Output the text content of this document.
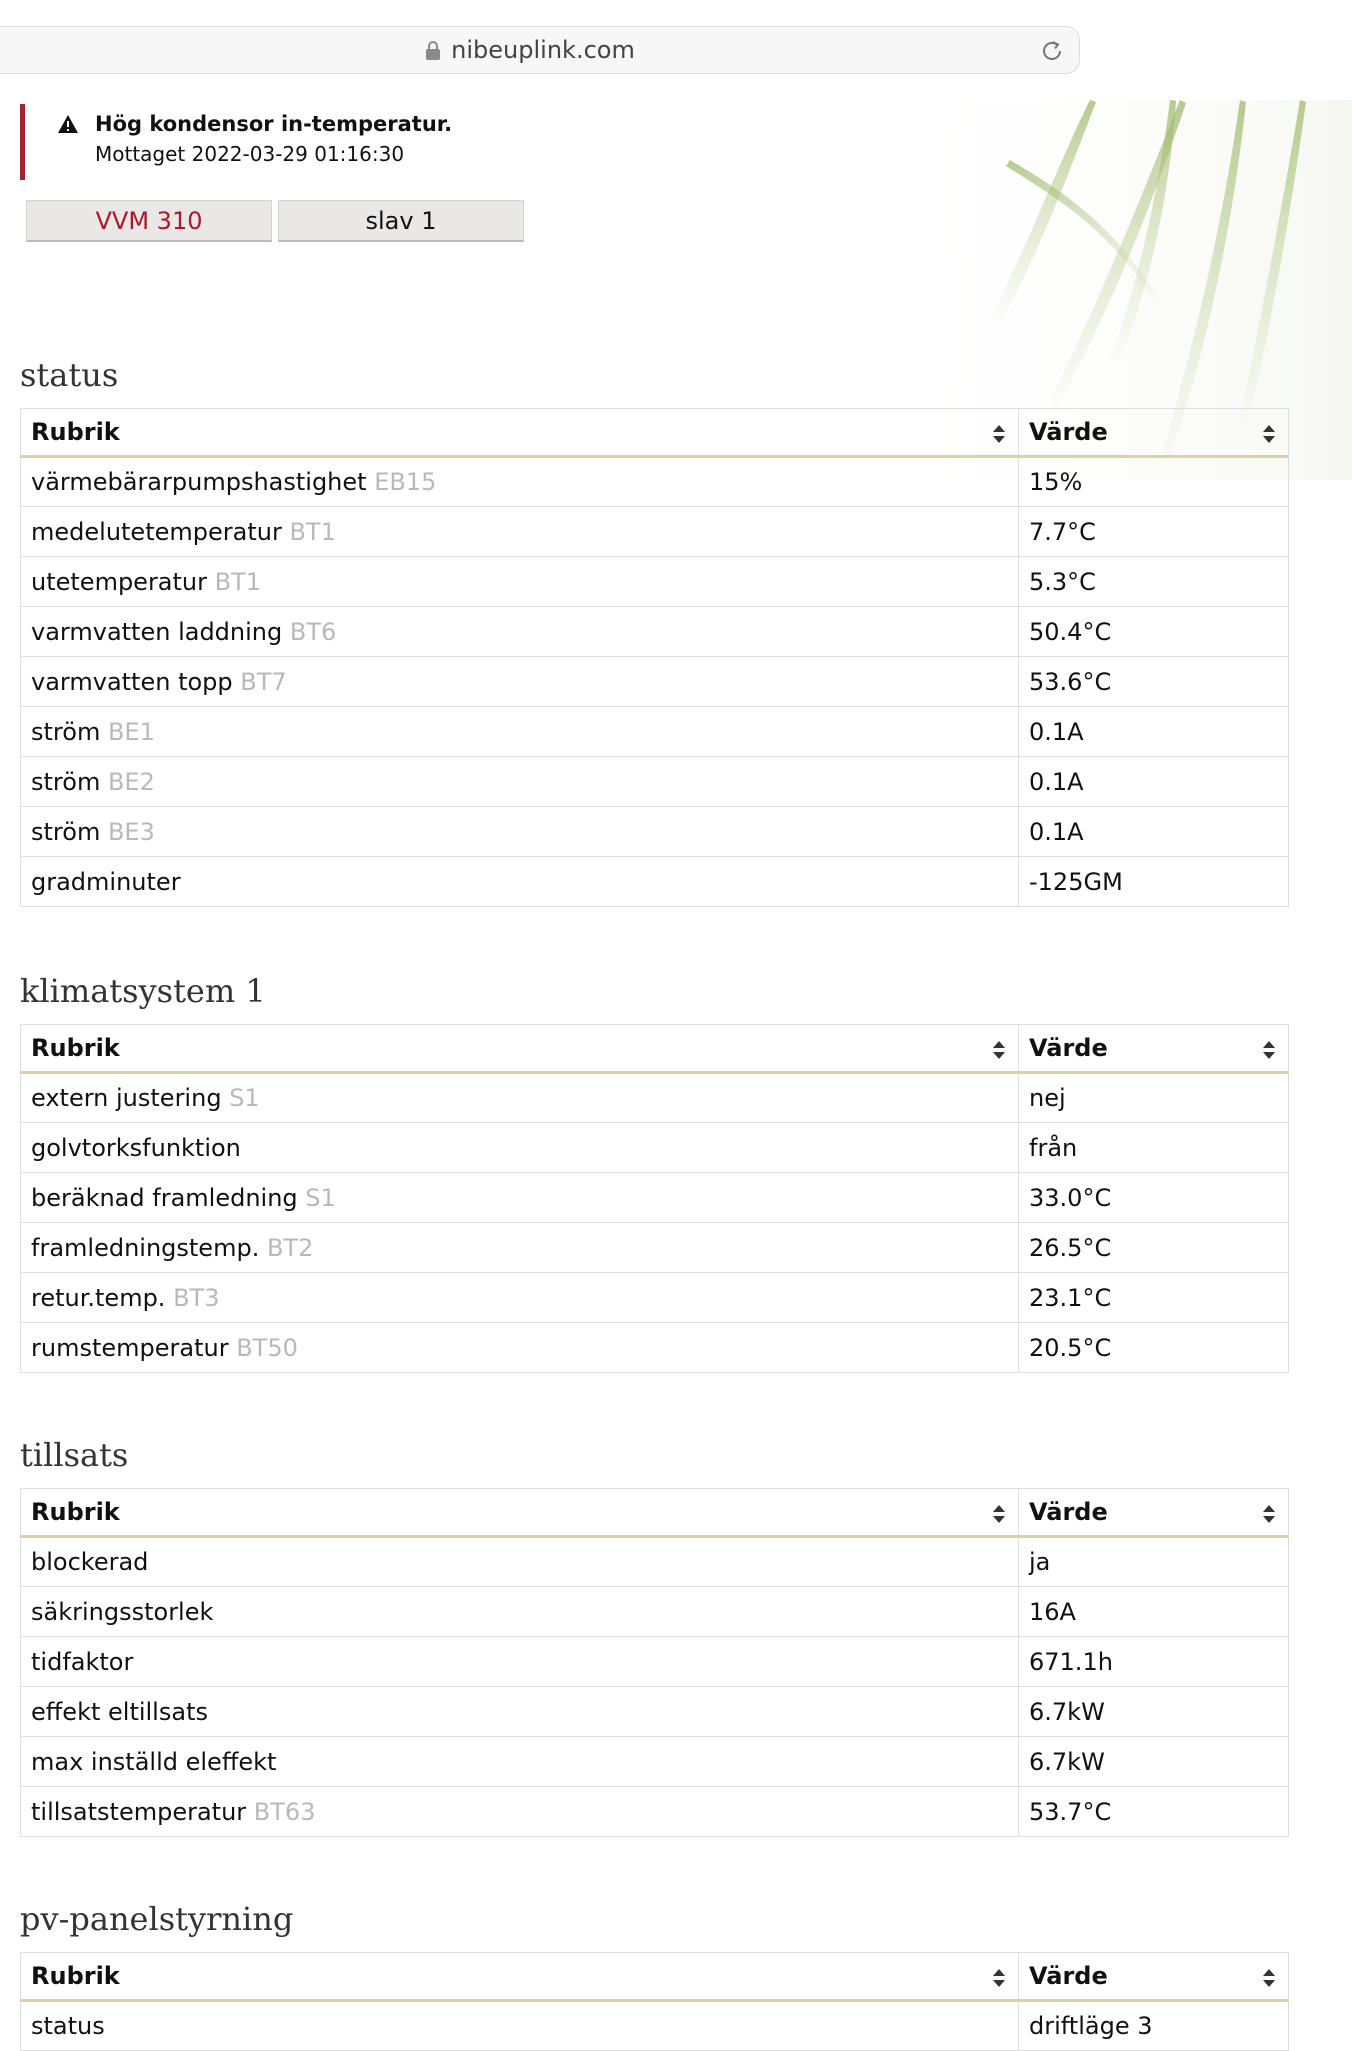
nibeuplink.com
Hög kondensor in-temperatur.
Mottaget 2022-03-29 01:16:30
VVM 310	slav 1
status
Rubrik	Värde

värmebärarpumpshastighet EB15	15%
medelutetemperatur BT1	7.7°C
utetemperatur BT1	5.3°C
varmvatten laddning BT6	50.4°C
varmvatten topp BT7	53.6°C
ström BE1	0.1A
ström BE2	0.1A
ström BE3	0.1A
gradminuter	-125GM
klimatsystem 1
Rubrik	Värde

extern justering S1	nej
golvtorksfunktion	från
beräknad framledning S1	33.0°C
framledningstemp. BT2	26.5°C
retur.temp. BT3	23.1°C
rumstemperatur BT50	20.5°C
tillsats
Rubrik	Värde

blockerad	ja
säkringsstorlek	16A
tidfaktor	671.1h
effekt eltillsats	6.7kW
max inställd eleffekt	6.7kW
tillsatstemperatur BT63	53.7°C
pv-panelstyrning
Rubrik	Värde

status	driftläge 3
